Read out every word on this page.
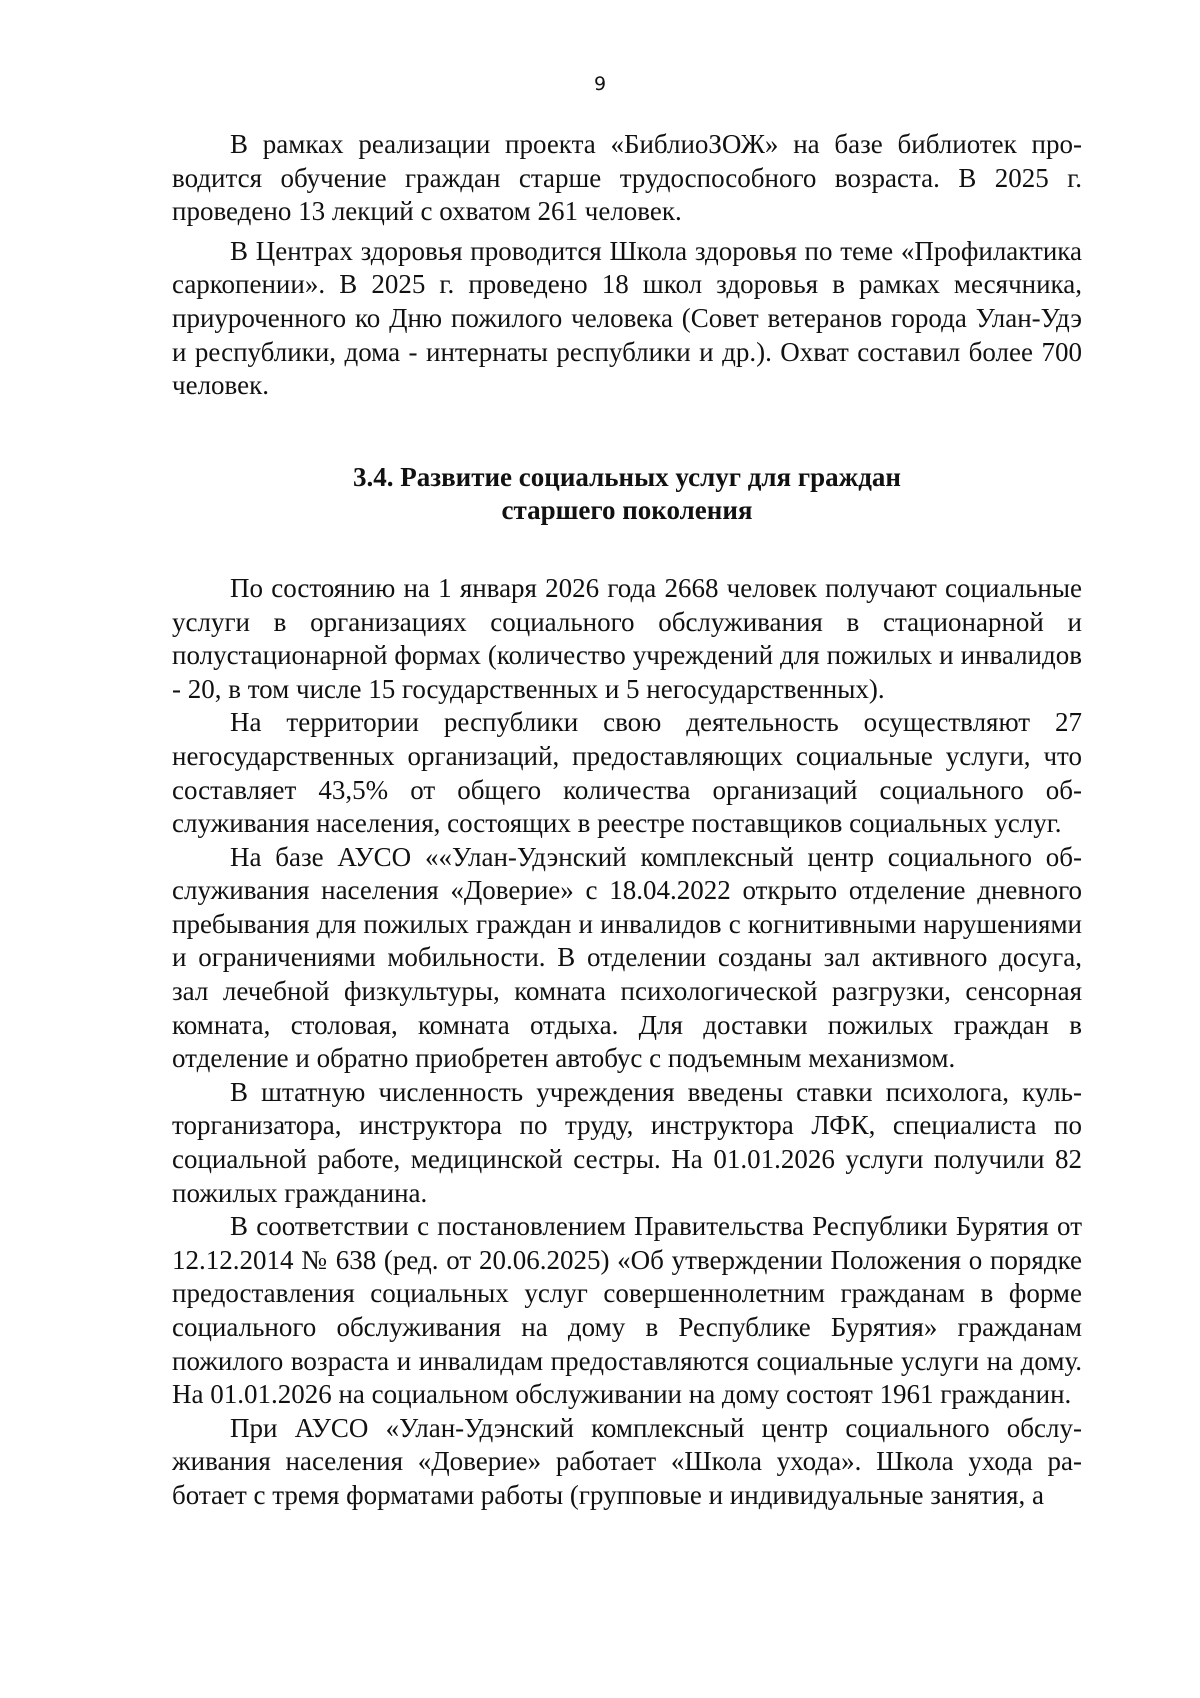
9

В рамках реализации проекта «БиблиоЗОЖ» на базе библиотек проводится обучение граждан старше трудоспособного возраста. В 2025 г. проведено 13 лекций с охватом 261 человек.

В Центрах здоровья проводится Школа здоровья по теме «Профилактика саркопении». В 2025 г. проведено 18 школ здоровья в рамках месячника, приуроченного ко Дню пожилого человека (Совет ветеранов города Улан-Удэ и республики, дома - интернаты республики и др.). Охват составил более 700 человек.

3.4. Развитие социальных услуг для граждан
старшего поколения

По состоянию на 1 января 2026 года 2668 человек получают социальные услуги в организациях социального обслуживания в стационарной и полустационарной формах (количество учреждений для пожилых и инвалидов - 20, в том числе 15 государственных и 5 негосударственных).

На территории республики свою деятельность осуществляют 27 негосударственных организаций, предоставляющих социальные услуги, что составляет 43,5% от общего количества организаций социального обслуживания населения, состоящих в реестре поставщиков социальных услуг.

На базе АУСО ««Улан-Удэнский комплексный центр социального обслуживания населения «Доверие» с 18.04.2022 открыто отделение дневного пребывания для пожилых граждан и инвалидов с когнитивными нарушениями и ограничениями мобильности. В отделении созданы зал активного досуга, зал лечебной физкультуры, комната психологической разгрузки, сенсорная комната, столовая, комната отдыха. Для доставки пожилых граждан в отделение и обратно приобретен автобус с подъемным механизмом.

В штатную численность учреждения введены ставки психолога, культорганизатора, инструктора по труду, инструктора ЛФК, специалиста по социальной работе, медицинской сестры. На 01.01.2026 услуги получили 82 пожилых гражданина.

В соответствии с постановлением Правительства Республики Бурятия от 12.12.2014 № 638 (ред. от 20.06.2025) «Об утверждении Положения о порядке предоставления социальных услуг совершеннолетним гражданам в форме социального обслуживания на дому в Республике Бурятия» гражданам пожилого возраста и инвалидам предоставляются социальные услуги на дому. На 01.01.2026 на социальном обслуживании на дому состоят 1961 гражданин.

При АУСО «Улан-Удэнский комплексный центр социального обслуживания населения «Доверие» работает «Школа ухода». Школа ухода работает с тремя форматами работы (групповые и индивидуальные занятия, а
